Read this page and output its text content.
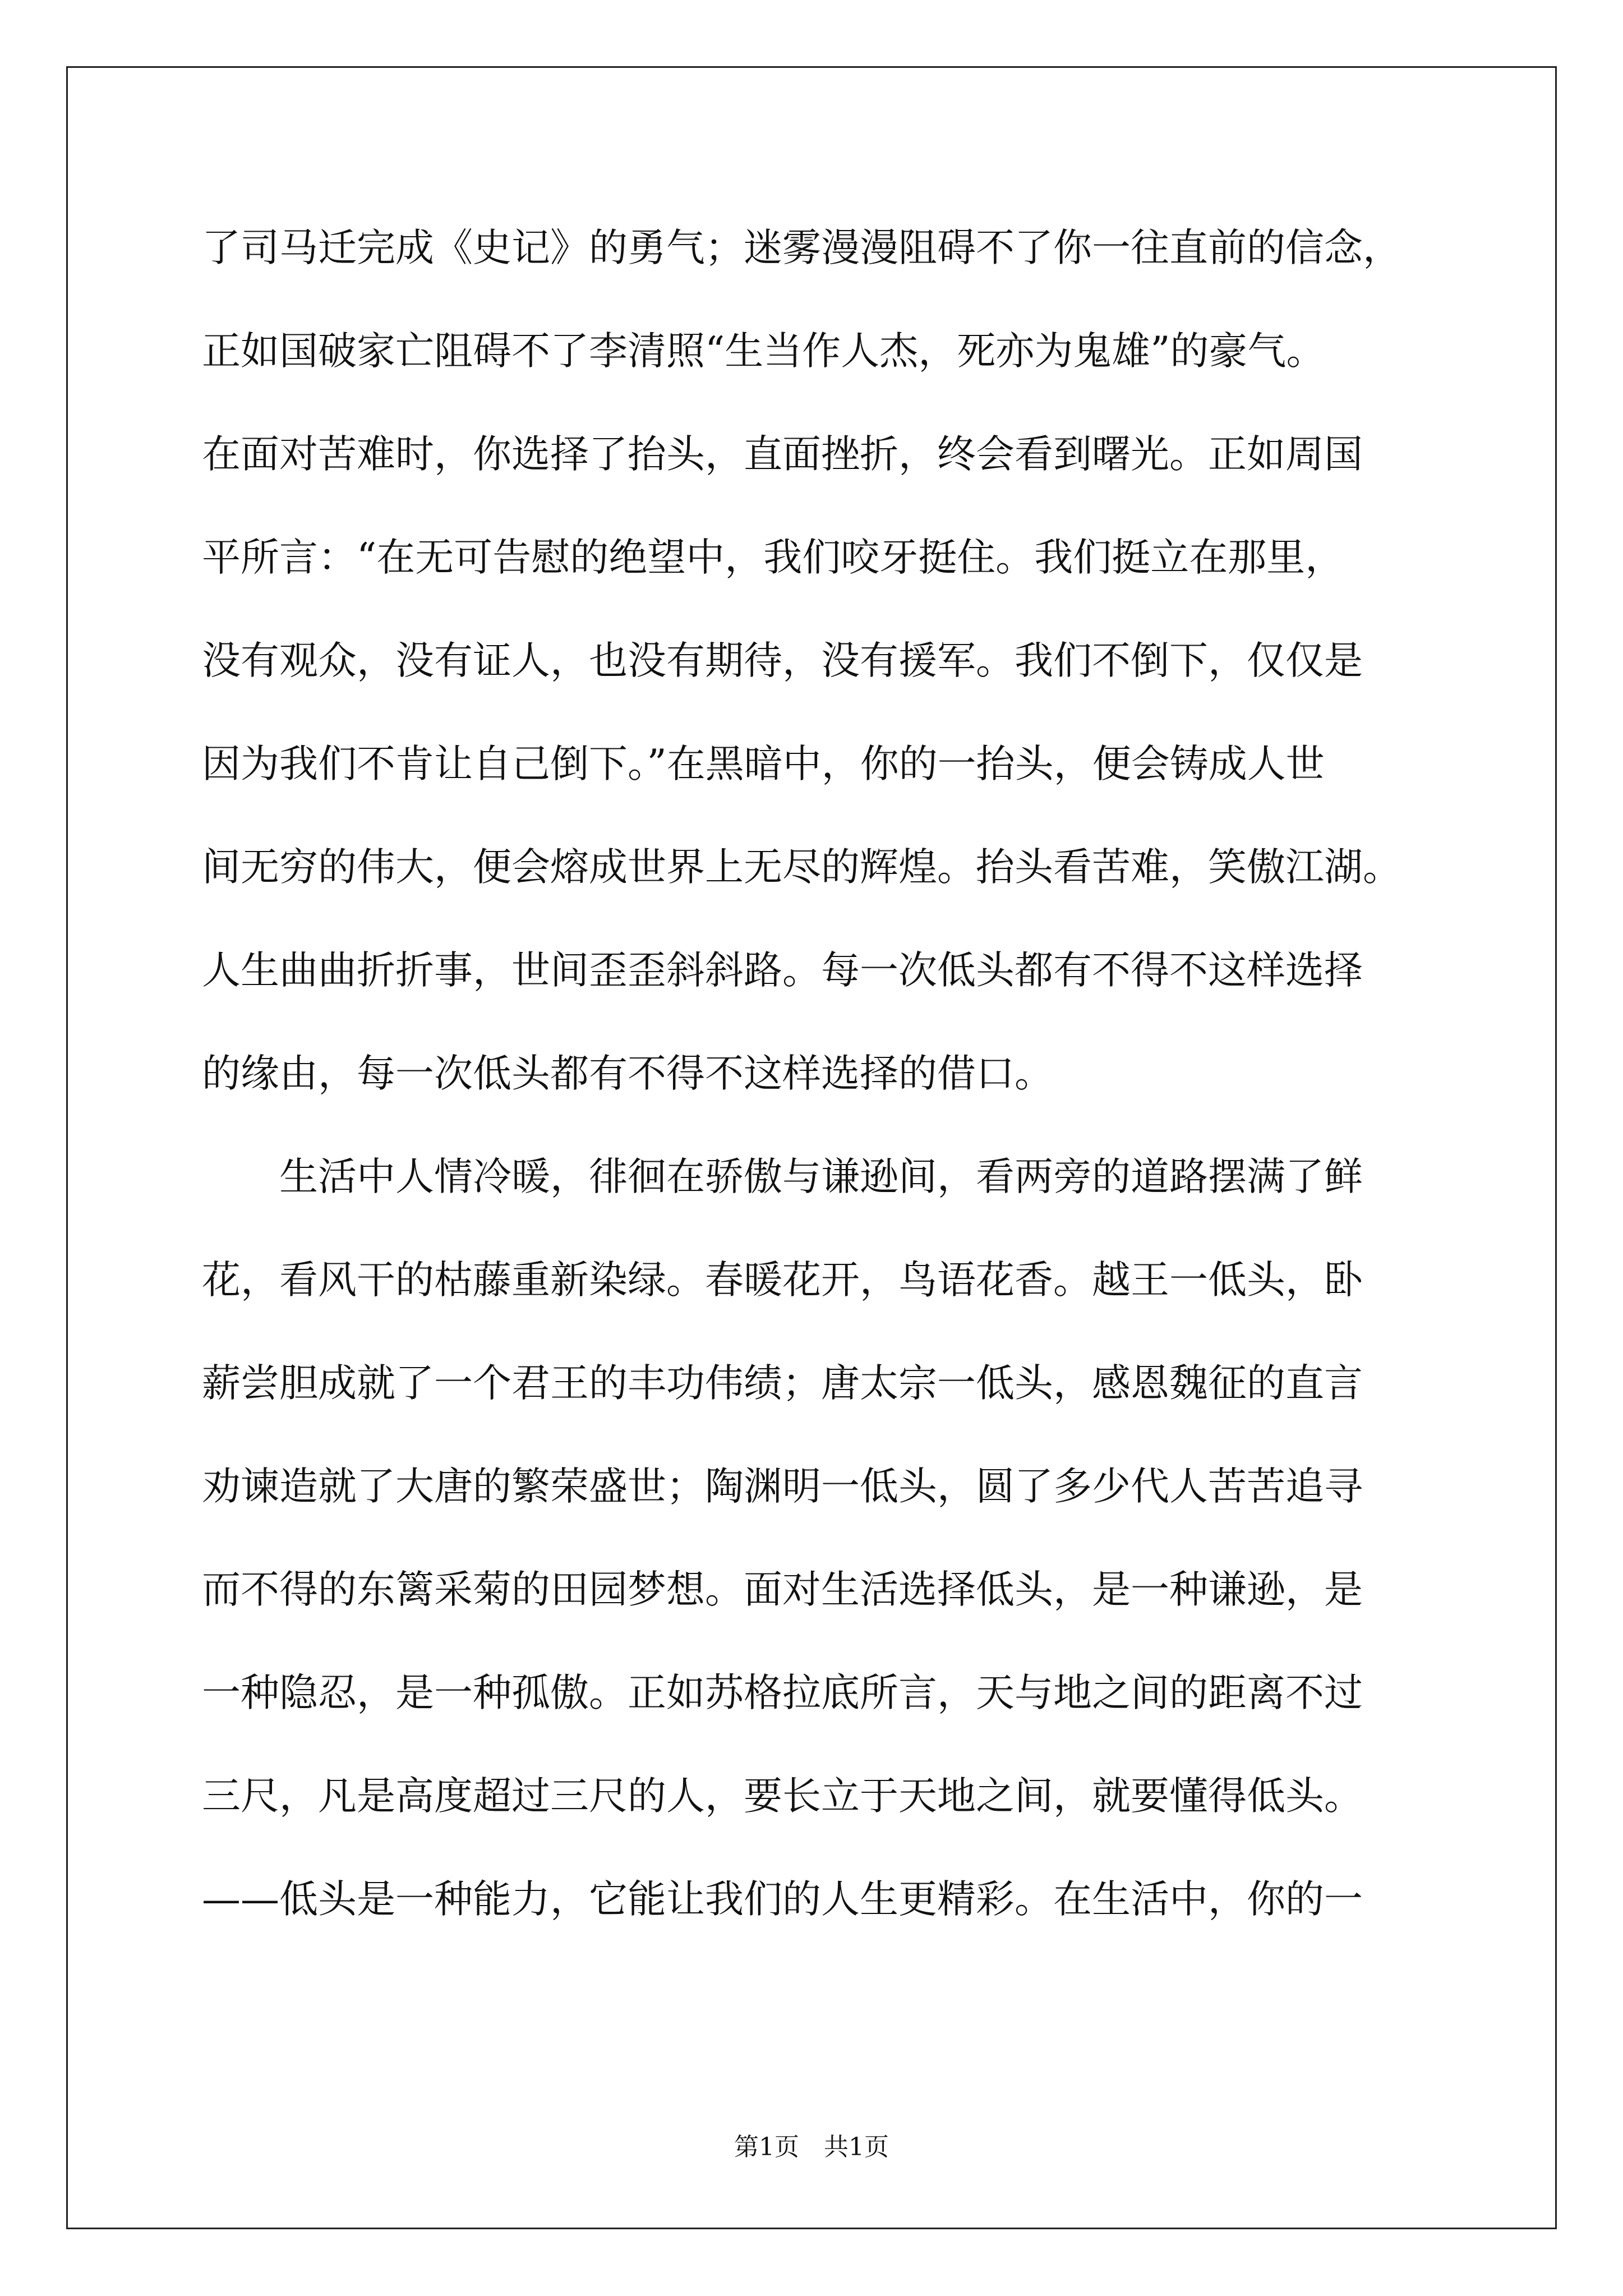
了司马迁完成《史记》的勇气；迷雾漫漫阻碍不了你一往直前的信念，
正如国破家亡阻碍不了李清照“生当作人杰，死亦为鬼雄”的豪气。
在面对苦难时，你选择了抬头，直面挫折，终会看到曙光。正如周国
平所言：“在无可告慰的绝望中，我们咬牙挺住。我们挺立在那里，
没有观众，没有证人，也没有期待，没有援军。我们不倒下，仅仅是
因为我们不肯让自己倒下。”在黑暗中，你的一抬头，便会铸成人世
间无穷的伟大，便会熔成世界上无尽的辉煌。抬头看苦难，笑傲江湖。
人生曲曲折折事，世间歪歪斜斜路。每一次低头都有不得不这样选择
的缘由，每一次低头都有不得不这样选择的借口。
生活中人情冷暖，徘徊在骄傲与谦逊间，看两旁的道路摆满了鲜
花，看风干的枯藤重新染绿。春暖花开，鸟语花香。越王一低头，卧
薪尝胆成就了一个君王的丰功伟绩；唐太宗一低头，感恩魏征的直言
劝谏造就了大唐的繁荣盛世；陶渊明一低头，圆了多少代人苦苦追寻
而不得的东篱采菊的田园梦想。面对生活选择低头，是一种谦逊，是
一种隐忍，是一种孤傲。正如苏格拉底所言，天与地之间的距离不过
三尺，凡是高度超过三尺的人，要长立于天地之间，就要懂得低头。
——低头是一种能力，它能让我们的人生更精彩。在生活中，你的一
第1页 共1页
